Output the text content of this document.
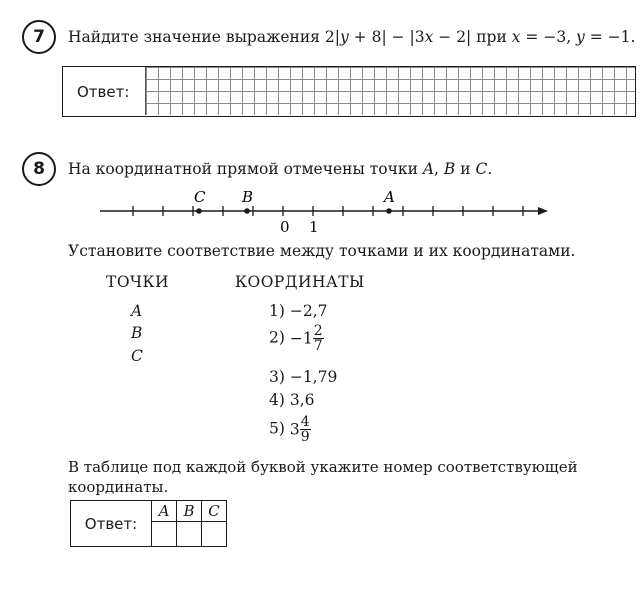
7	Найдите значение выражения 2|y + 8| − |3x − 2| при x = −3, y = −1.
Ответ:
8	На координатной прямой отмечены точки A, B и C.
C B	A
0 1
Установите соответствие между точками и их координатами.
ТОЧКИ	КООРДИНАТЫ
A
B
C
1) −2,7
$2) -1 \frac{2}{7}$
3) −1,79
4) 3,6
5) $3 \frac{4}{9}$
В таблице под каждой буквой укажите номер соответствующей
координаты.
Ответ:	A	B	C
